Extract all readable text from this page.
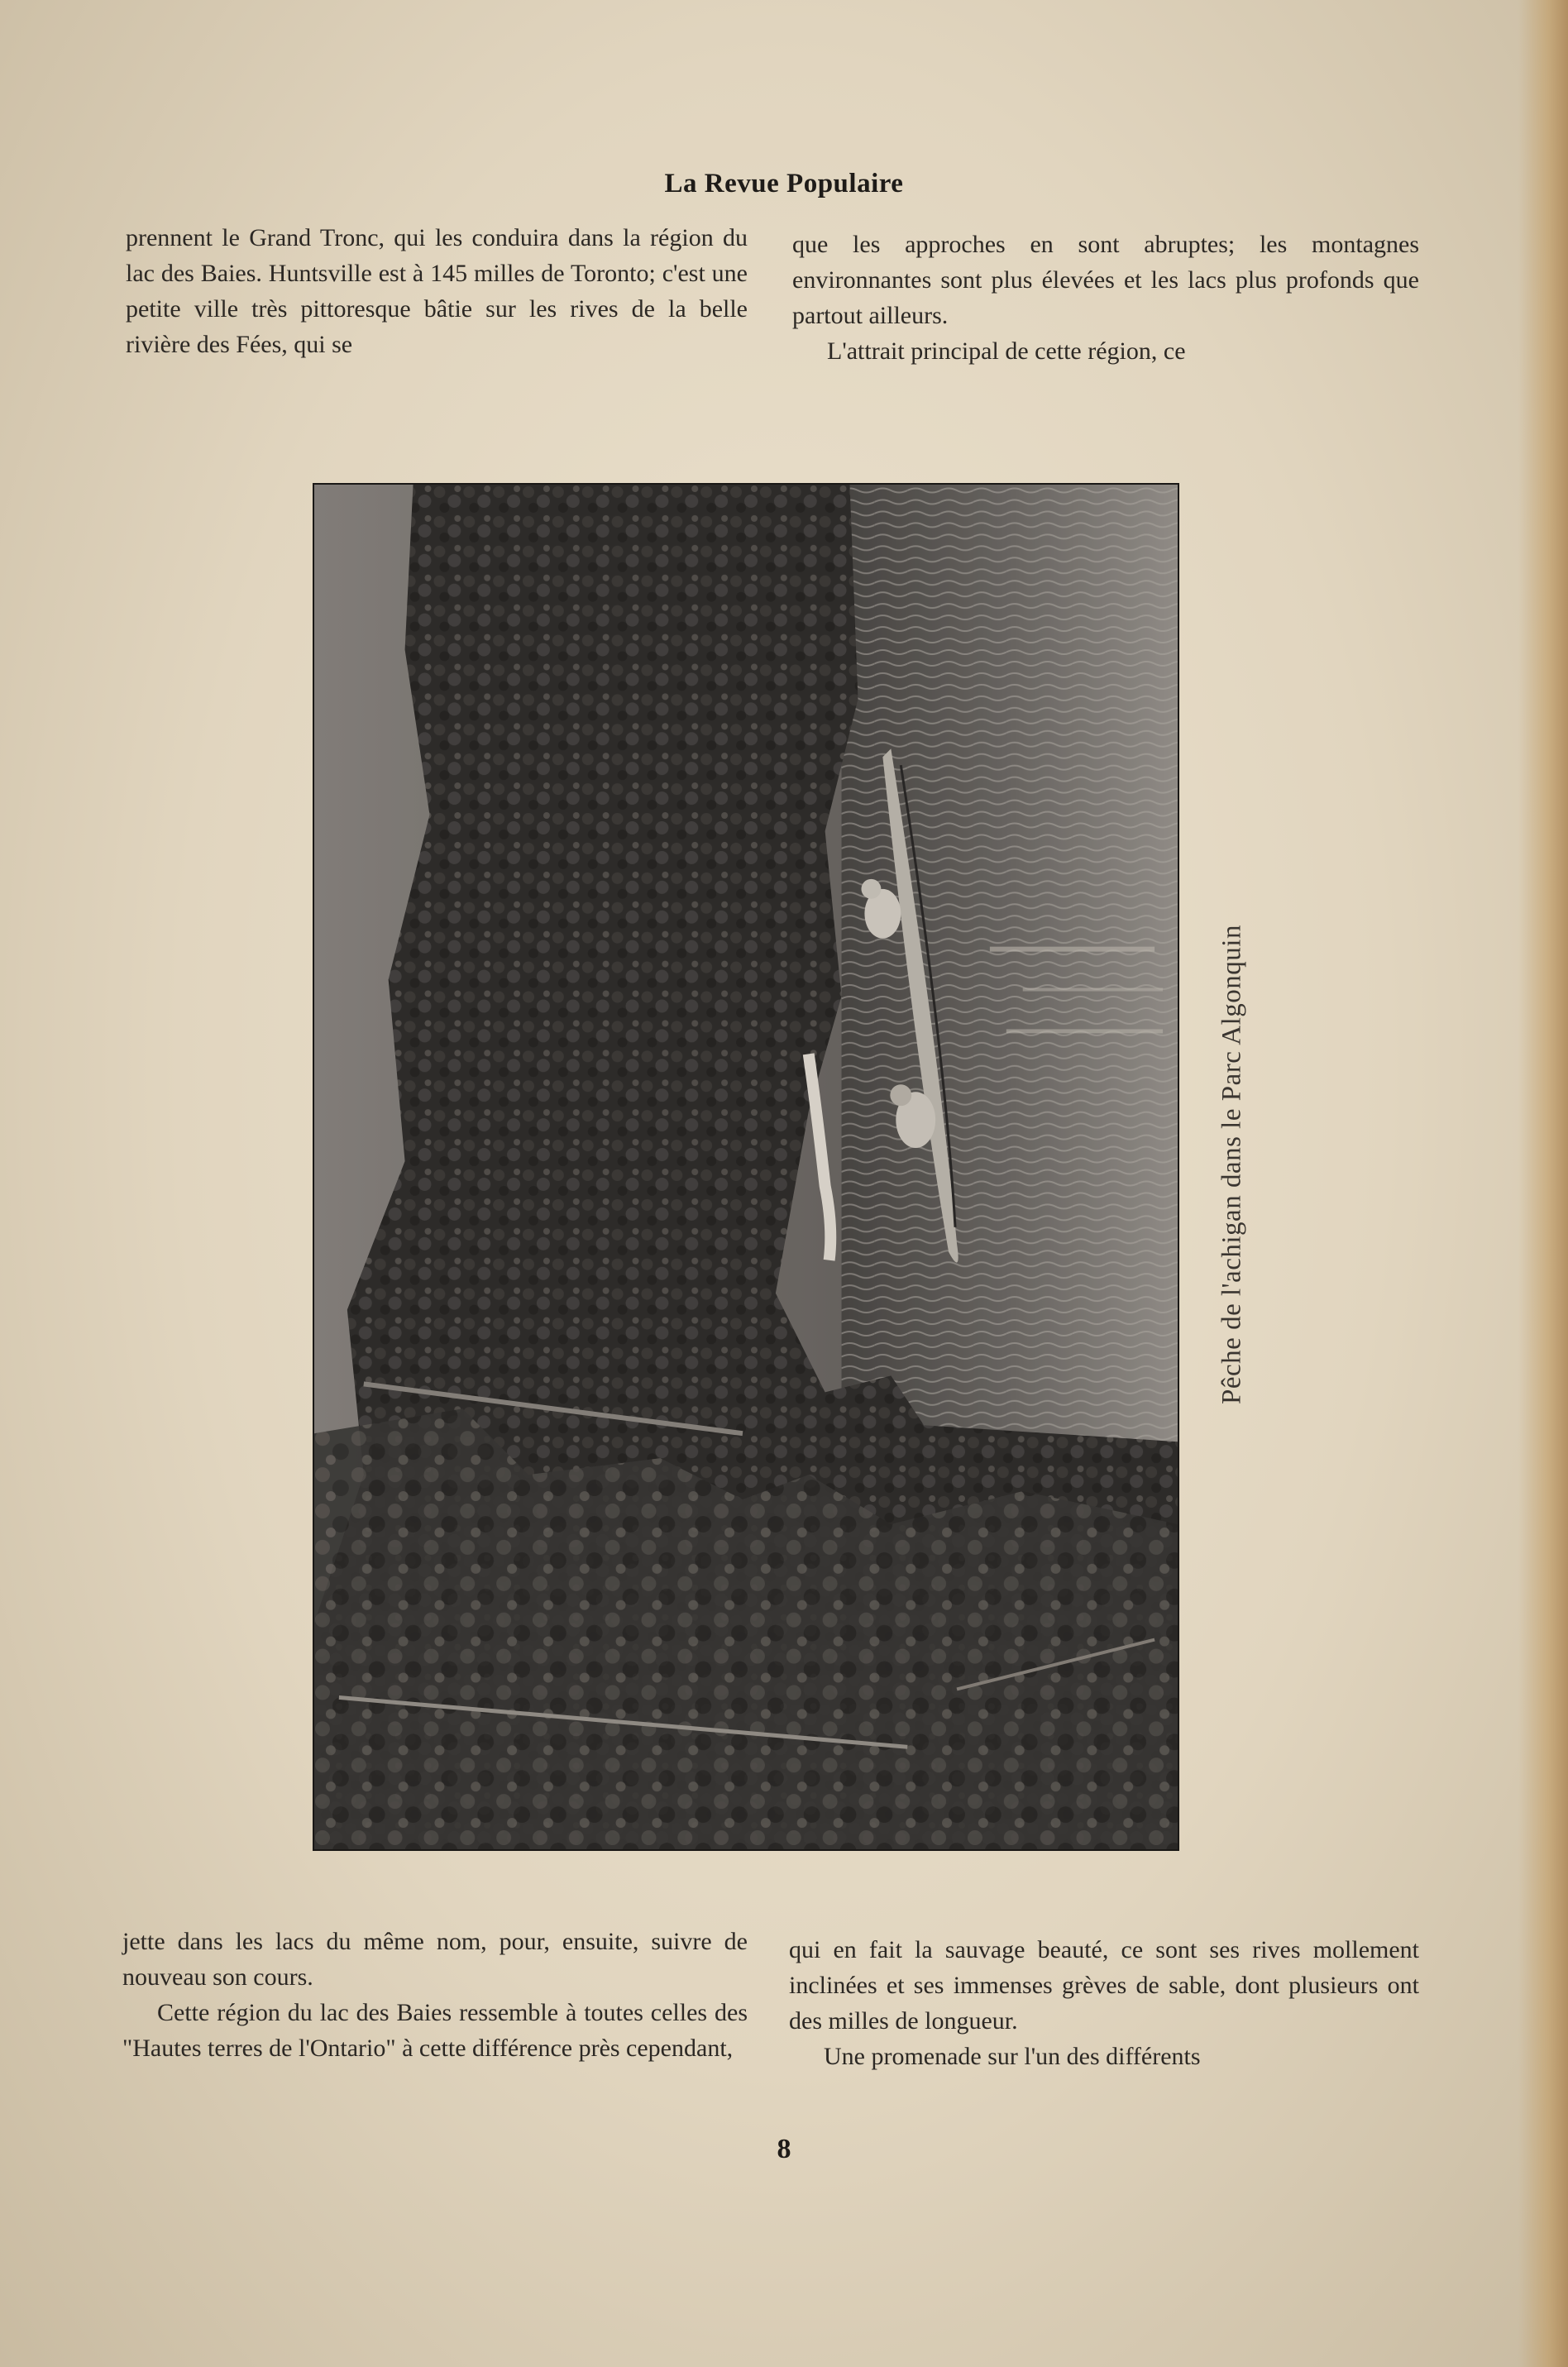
La Revue Populaire

prennent le Grand Tronc, qui les conduira dans la région du lac des Baies. Huntsville est à 145 milles de Toronto; c'est une petite ville très pittoresque bâtie sur les rives de la belle rivière des Fées, qui se

que les approches en sont abruptes; les montagnes environnantes sont plus élevées et les lacs plus profonds que partout ailleurs.

L'attrait principal de cette région, ce

Pêche de l'achigan dans le Parc Algonquin

jette dans les lacs du même nom, pour, ensuite, suivre de nouveau son cours.

Cette région du lac des Baies ressemble à toutes celles des "Hautes terres de l'Ontario" à cette différence près cependant,

qui en fait la sauvage beauté, ce sont ses rives mollement inclinées et ses immenses grèves de sable, dont plusieurs ont des milles de longueur.

Une promenade sur l'un des différents

8
